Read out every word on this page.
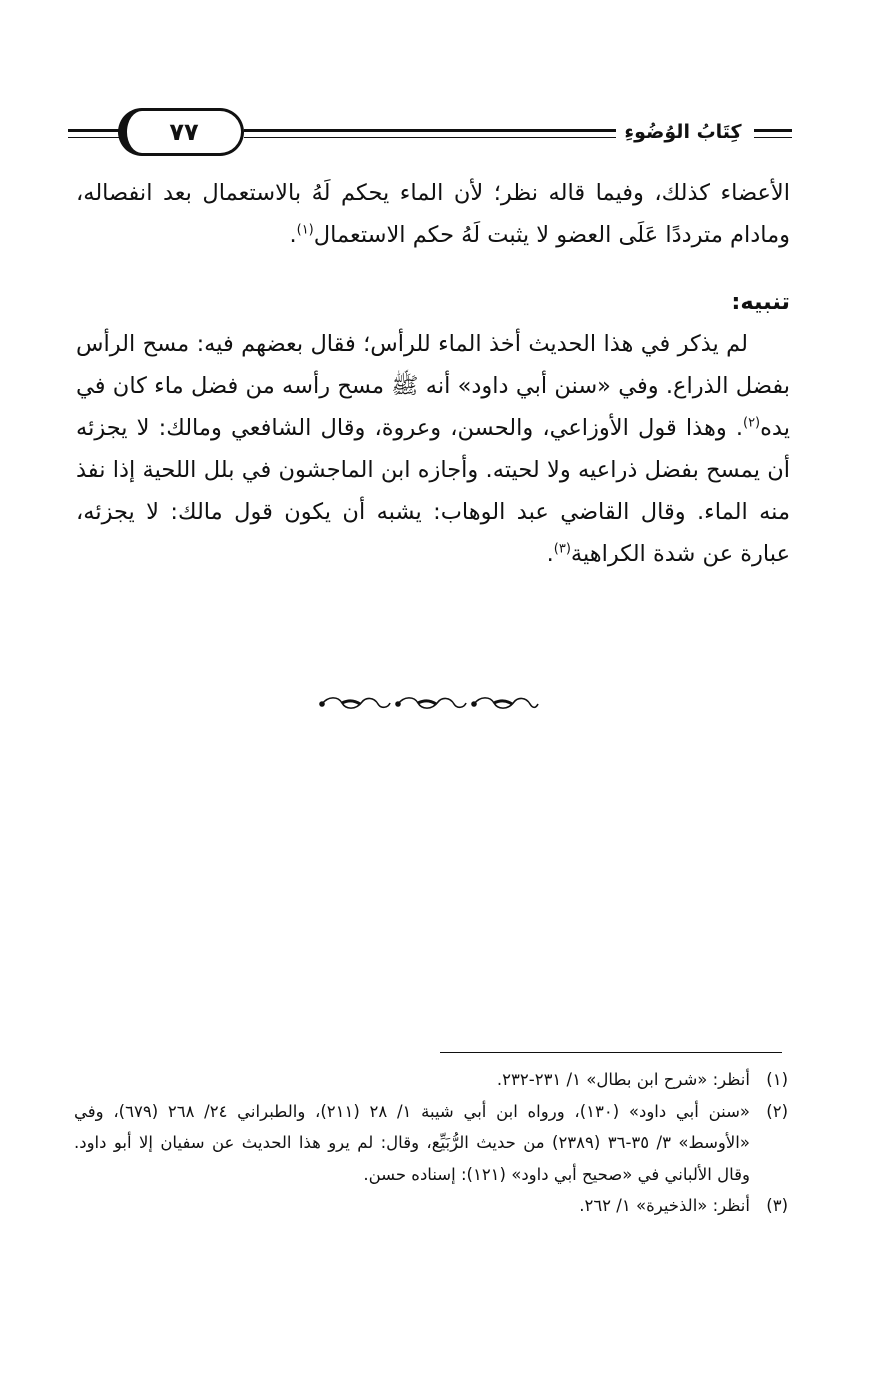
٧٧	كِتَابُ الوُضُوءِ

الأعضاء كذلك، وفيما قاله نظر؛ لأن الماء يحكم لَهُ بالاستعمال بعد انفصاله، ومادام مترددًا عَلَى العضو لا يثبت لَهُ حكم الاستعمال$^{(١)}$.

تنبيه:

لم يذكر في هذا الحديث أخذ الماء للرأس؛ فقال بعضهم فيه: مسح الرأس بفضل الذراع. وفي «سنن أبي داود» أنه ﷺ مسح رأسه من فضل ماء كان في يده$^{(٢)}$. وهذا قول الأوزاعي، والحسن، وعروة، وقال الشافعي ومالك: لا يجزئه أن يمسح بفضل ذراعيه ولا لحيته. وأجازه ابن الماجشون في بلل اللحية إذا نفذ منه الماء. وقال القاضي عبد الوهاب: يشبه أن يكون قول مالك: لا يجزئه، عبارة عن شدة الكراهية$^{(٣)}$.

(١)
أنظر: «شرح ابن بطال» ١/ ٢٣١-٢٣٢.
(٢)
«سنن أبي داود» (١٣٠)، ورواه ابن أبي شيبة ١/ ٢٨ (٢١١)، والطبراني ٢٤/ ٢٦٨ (٦٧٩)، وفي «الأوسط» ٣/ ٣٥-٣٦ (٢٣٨٩) من حديث الرُّبَيِّع، وقال: لم يرو هذا الحديث عن سفيان إلا أبو داود. وقال الألباني في «صحيح أبي داود» (١٢١): إسناده حسن.
(٣)
أنظر: «الذخيرة» ١/ ٢٦٢.
